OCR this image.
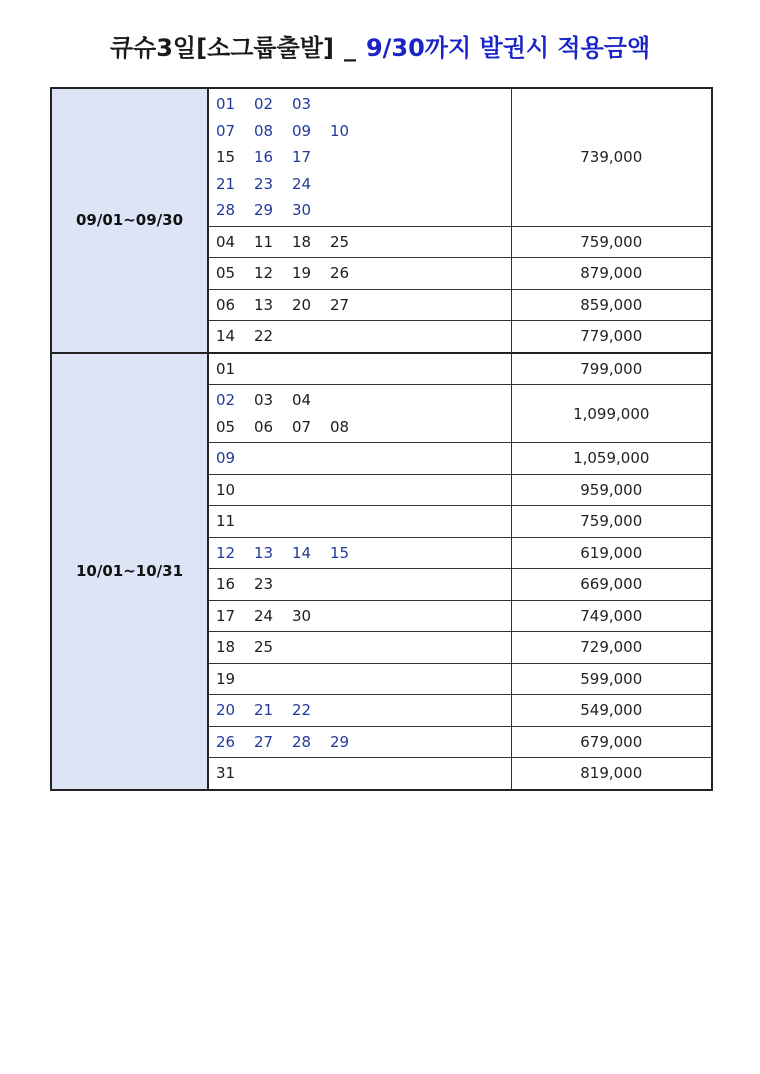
큐슈3일[소그룹출발] _ 9/30까지 발권시 적용금액
09/01~09/30	01 02 03
07 08 09 10
15 16 17
21 23 24
28 29 30	739,000

	04 11 18 25	759,000

	05 12 19 26	879,000

	06 13 20 27	859,000

	14 22	779,000
10/01~10/31	01	799,000

	02 03 04
05 06 07 08	1,099,000

	09	1,059,000

	10	959,000

	11	759,000

	12 13 14 15	619,000

	16 23	669,000

	17 24 30	749,000

	18 25	729,000

	19	599,000

	20 21 22	549,000

	26 27 28 29	679,000

	31	819,000
